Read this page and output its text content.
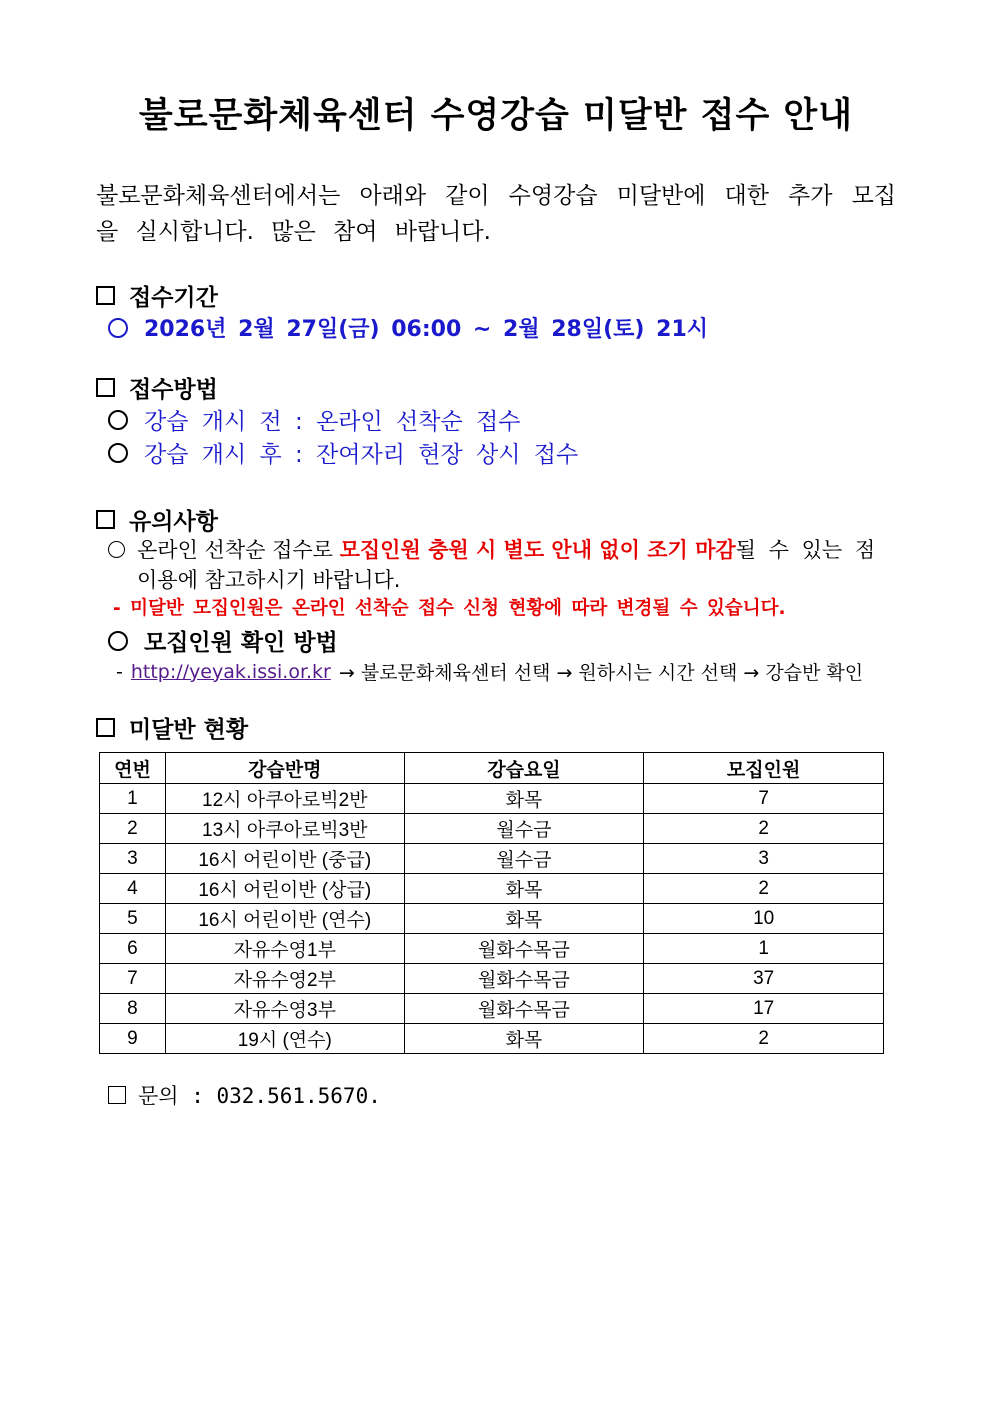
불로문화체육센터 수영강습 미달반 접수 안내
불로문화체육센터에서는 아래와 같이 수영강습 미달반에 대한 추가 모집을 실시합니다. 많은 참여 바랍니다.
접수기간
2026년 2월 27일(금) 06:00 ~ 2월 28일(토) 21시
접수방법
강습 개시 전 : 온라인 선착순 접수
강습 개시 후 : 잔여자리 현장 상시 접수
유의사항
온라인 선착순 접수로 모집인원 충원 시 별도 안내 없이 조기 마감 될 수 있는 점
이용에 참고하시기 바랍니다.
- 미달반 모집인원은 온라인 선착순 접수 신청 현황에 따라 변경될 수 있습니다.
모집인원 확인 방법
- http://yeyak.issi.or.kr → 불로문화체육센터 선택 → 원하시는 시간 선택 → 강습반 확인
미달반 현황
연번	강습반명	강습요일	모집인원
1	12시 아쿠아로빅2반	화목	7
2	13시 아쿠아로빅3반	월수금	2
3	16시 어린이반 (중급)	월수금	3
4	16시 어린이반 (상급)	화목	2
5	16시 어린이반 (연수)	화목	10
6	자유수영1부	월화수목금	1
7	자유수영2부	월화수목금	37
8	자유수영3부	월화수목금	17
9	19시 (연수)	화목	2
문의 : 032.561.5670.
